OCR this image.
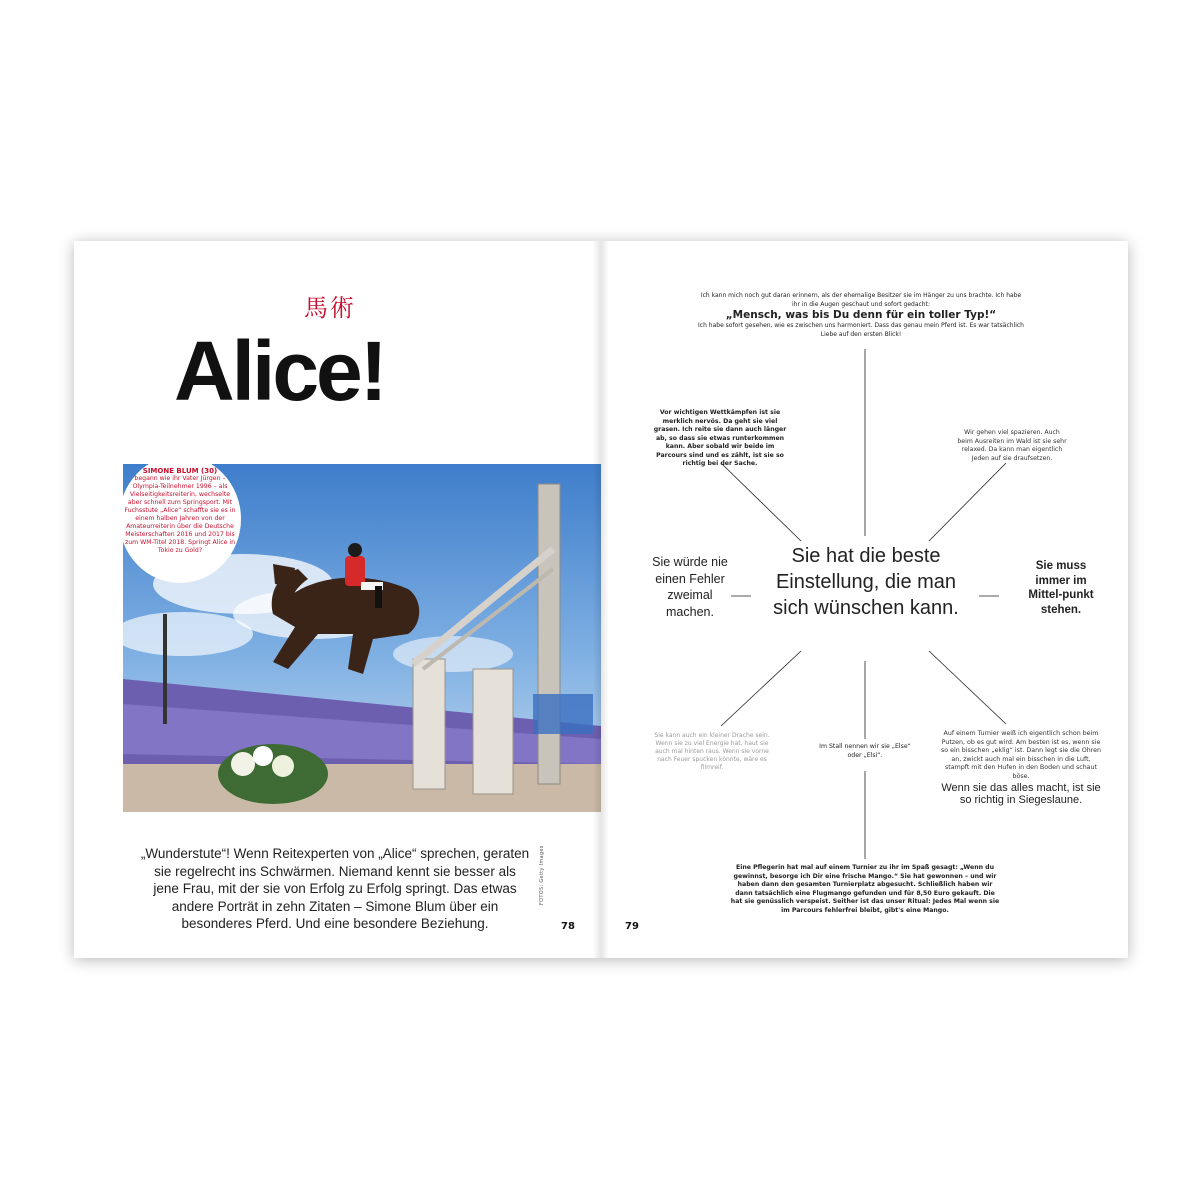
馬術
Alice!
SIMONE BLUM (30)
begann wie ihr Vater Jürgen – Olympia-Teilnehmer 1996 – als Vielseitigkeitsreiterin, wechselte aber schnell zum Springsport. Mit Fuchsstute „Alice“ schaffte sie es in einem halben Jahren von der Amateurreiterin über die Deutsche Meisterschaften 2016 und 2017 bis zum WM-Titel 2018. Springt Alice in Tokio zu Gold?
„Wunderstute“! Wenn Reitexperten von „Alice“ sprechen, geraten sie regelrecht ins Schwärmen. Niemand kennt sie besser als jene Frau, mit der sie von Erfolg zu Erfolg springt. Das etwas andere Porträt in zehn Zitaten – Simone Blum über ein besonderes Pferd. Und eine besondere Beziehung.
FOTOS: Getty Images
78
Ich kann mich noch gut daran erinnern, als der ehemalige Besitzer sie im Hänger zu uns brachte. Ich habe ihr in die Augen geschaut und sofort gedacht:
„Mensch, was bis Du denn für ein toller Typ!“
Ich habe sofort gesehen, wie es zwischen uns harmoniert. Dass das genau mein Pferd ist. Es war tatsächlich Liebe auf den ersten Blick!
Vor wichtigen Wettkämpfen ist sie merklich nervös. Da geht sie viel grasen. Ich reite sie dann auch länger ab, so dass sie etwas runterkommen kann. Aber sobald wir beide im Parcours sind und es zählt, ist sie so richtig bei der Sache.
Wir gehen viel spazieren. Auch beim Ausreiten im Wald ist sie sehr relaxed. Da kann man eigentlich Jeden auf sie draufsetzen.
Sie würde nie einen Fehler zweimal machen.
Sie hat die beste Einstellung, die man sich wünschen kann.
Sie muss immer im Mittel-punkt stehen.
Sie kann auch ein kleiner Drache sein. Wenn sie zu viel Energie hat, haut sie auch mal hinten raus. Wenn sie vorne nach Feuer spucken könnte, wäre es filmreif.
Im Stall nennen wir sie „Else“ oder „Elsi“.
Auf einem Turnier weiß ich eigentlich schon beim Putzen, ob es gut wird. Am besten ist es, wenn sie so ein bisschen „eklig“ ist. Dann legt sie die Ohren an, zwickt auch mal ein bisschen in die Luft, stampft mit den Hufen in den Boden und schaut böse.
Wenn sie das alles macht, ist sie so richtig in Siegeslaune.
Eine Pflegerin hat mal auf einem Turnier zu ihr im Spaß gesagt: „Wenn du gewinnst, besorge ich Dir eine frische Mango.“ Sie hat gewonnen – und wir haben dann den gesamten Turnierplatz abgesucht. Schließlich haben wir dann tatsächlich eine Flugmango gefunden und für 8,50 Euro gekauft. Die hat sie genüsslich verspeist. Seither ist das unser Ritual: Jedes Mal wenn sie im Parcours fehlerfrei bleibt, gibt's eine Mango.
79
